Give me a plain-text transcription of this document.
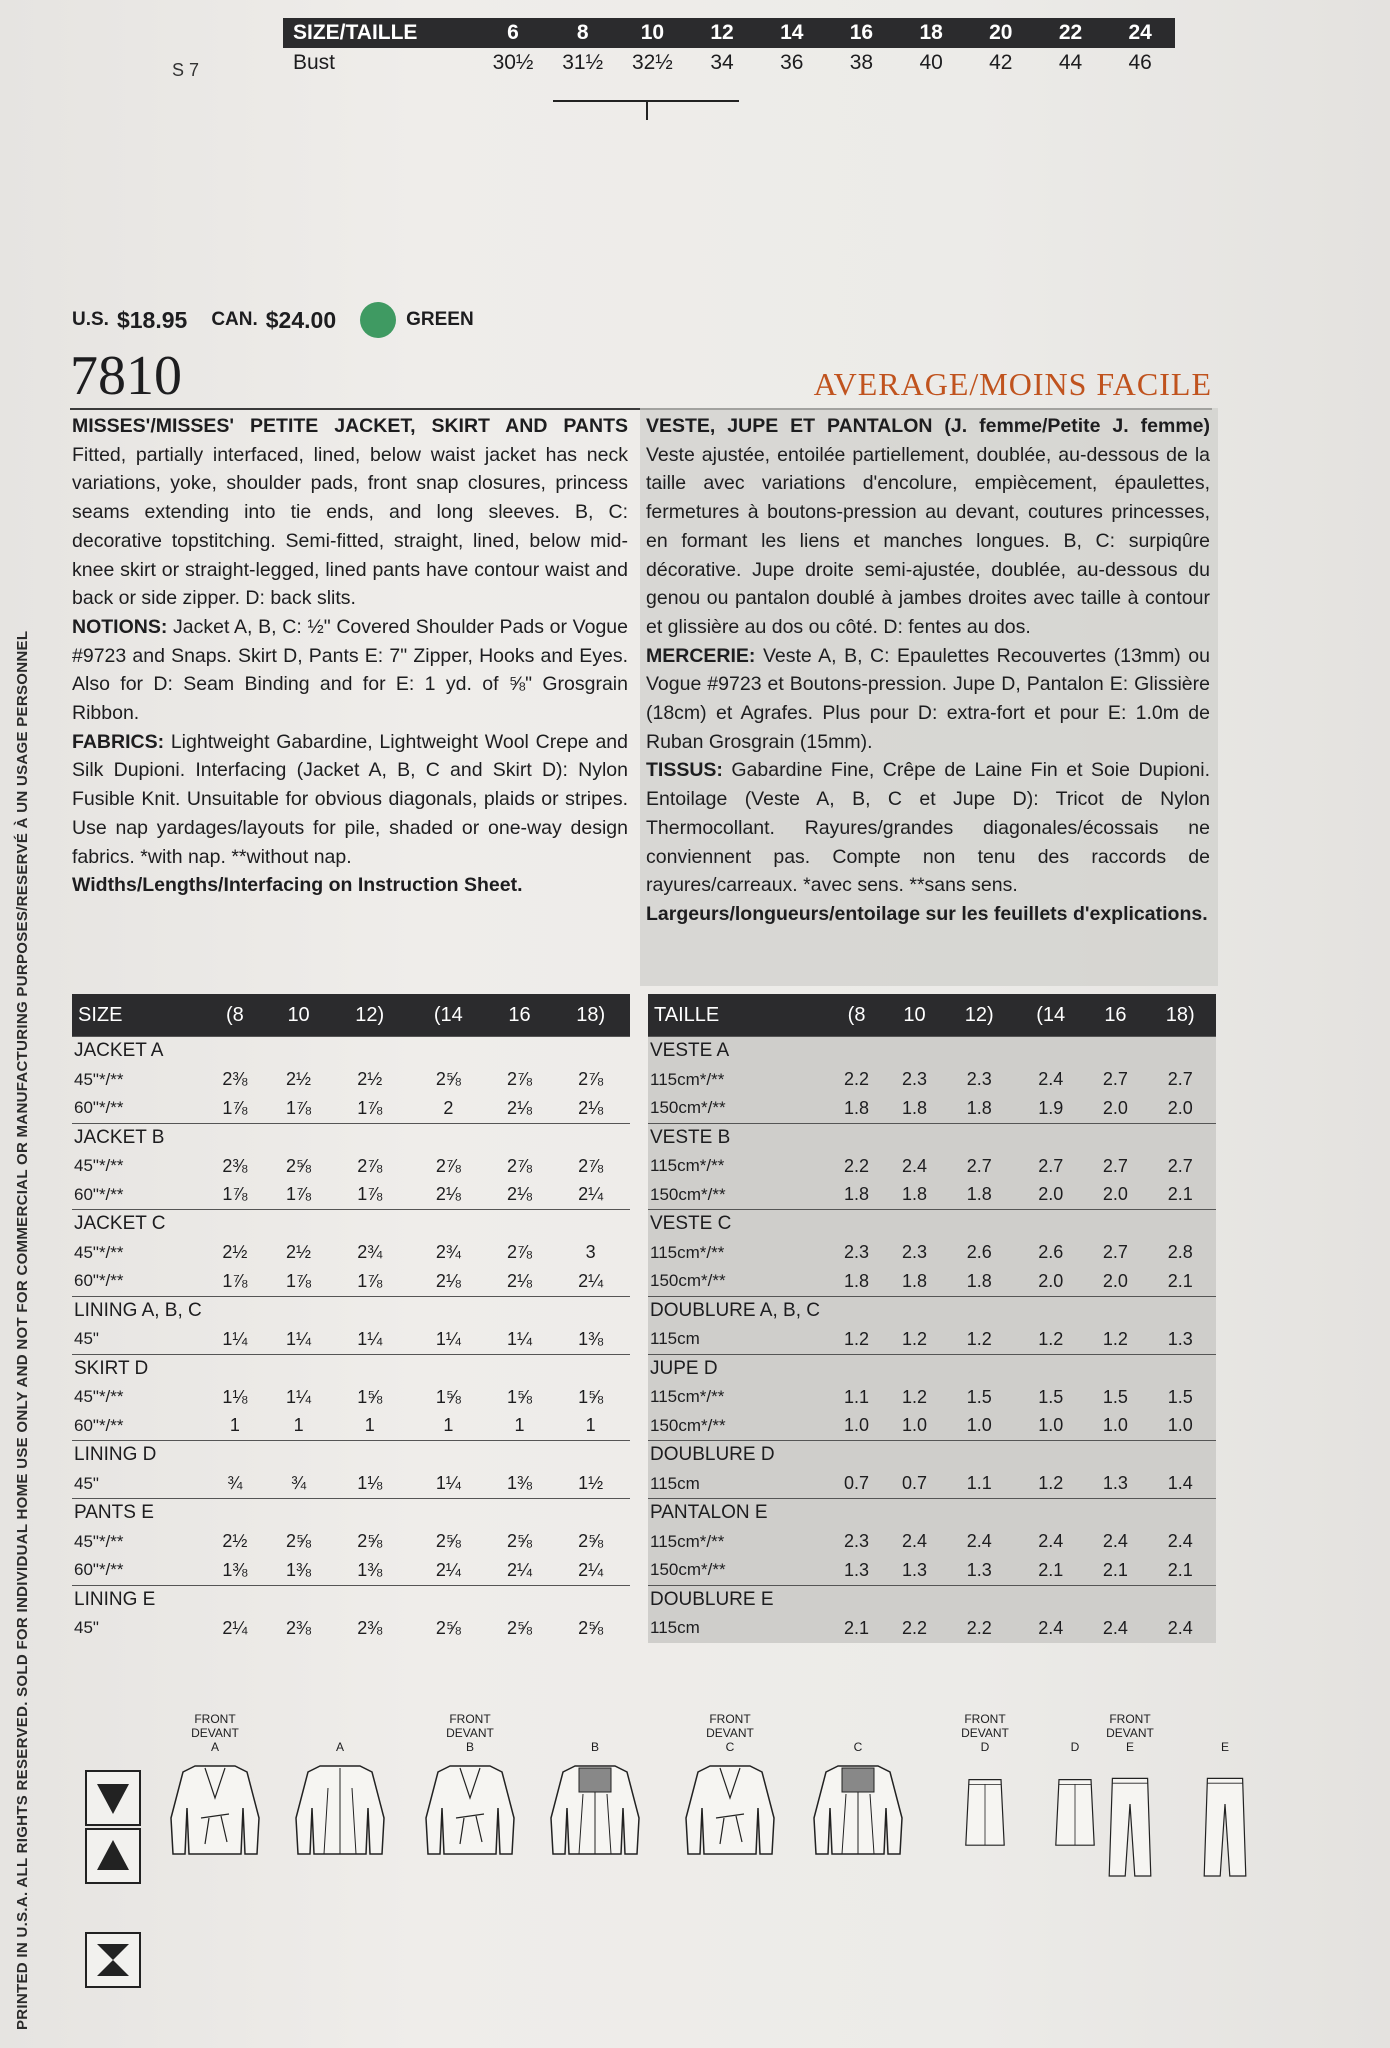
PRINTED IN U.S.A. ALL RIGHTS RESERVED. SOLD FOR INDIVIDUAL HOME USE ONLY AND NOT FOR COMMERCIAL OR MANUFACTURING PURPOSES/RESERVÉ À UN USAGE PERSONNEL
SIZE/TAILLE	6	8	10	12	14	16	18	20	22	24
Bust	30½	31½	32½	34	36	38	40	42	44	46
S 7
U.S. $18.95 CAN. $24.00	GREEN
7810	AVERAGE/MOINS FACILE

MISSES'/MISSES' PETITE JACKET, SKIRT AND PANTS Fitted, partially interfaced, lined, below waist jacket has neck variations, yoke, shoulder pads, front snap closures, princess seams extending into tie ends, and long sleeves. B, C: decorative topstitching. Semi-fitted, straight, lined, below mid-knee skirt or straight-legged, lined pants have contour waist and back or side zipper. D: back slits.

NOTIONS: Jacket A, B, C: ½" Covered Shoulder Pads or Vogue #9723 and Snaps. Skirt D, Pants E: 7" Zipper, Hooks and Eyes. Also for D: Seam Binding and for E: 1 yd. of ⅝" Grosgrain Ribbon.

FABRICS: Lightweight Gabardine, Lightweight Wool Crepe and Silk Dupioni. Interfacing (Jacket A, B, C and Skirt D): Nylon Fusible Knit. Unsuitable for obvious diagonals, plaids or stripes. Use nap yardages/layouts for pile, shaded or one-way design fabrics. *with nap. **without nap.

Widths/Lengths/Interfacing on Instruction Sheet.

VESTE, JUPE ET PANTALON (J. femme/Petite J. femme) Veste ajustée, entoilée partiellement, doublée, au-dessous de la taille avec variations d'encolure, empiècement, épaulettes, fermetures à boutons-pression au devant, coutures princesses, en formant les liens et manches longues. B, C: surpiqûre décorative. Jupe droite semi-ajustée, doublée, au-dessous du genou ou pantalon doublé à jambes droites avec taille à contour et glissière au dos ou côté. D: fentes au dos.

MERCERIE: Veste A, B, C: Epaulettes Recouvertes (13mm) ou Vogue #9723 et Boutons-pression. Jupe D, Pantalon E: Glissière (18cm) et Agrafes. Plus pour D: extra-fort et pour E: 1.0m de Ruban Grosgrain (15mm).

TISSUS: Gabardine Fine, Crêpe de Laine Fin et Soie Dupioni. Entoilage (Veste A, B, C et Jupe D): Tricot de Nylon Thermocollant. Rayures/grandes diagonales/écossais ne conviennent pas. Compte non tenu des raccords de rayures/carreaux. *avec sens. **sans sens.

Largeurs/longueurs/entoilage sur les feuillets d'explications.

SIZE	(8	10	12)	(14	16	18)
JACKET A						
45"*/**	2⅜	2½	2½	2⅝	2⅞	2⅞
60"*/**	1⅞	1⅞	1⅞	2	2⅛	2⅛
JACKET B						
45"*/**	2⅜	2⅝	2⅞	2⅞	2⅞	2⅞
60"*/**	1⅞	1⅞	1⅞	2⅛	2⅛	2¼
JACKET C						
45"*/**	2½	2½	2¾	2¾	2⅞	3
60"*/**	1⅞	1⅞	1⅞	2⅛	2⅛	2¼
LINING A, B, C						
45"	1¼	1¼	1¼	1¼	1¼	1⅜
SKIRT D						
45"*/**	1⅛	1¼	1⅝	1⅝	1⅝	1⅝
60"*/**	1	1	1	1	1	1
LINING D						
45"	¾	¾	1⅛	1¼	1⅜	1½
PANTS E						
45"*/**	2½	2⅝	2⅝	2⅝	2⅝	2⅝
60"*/**	1⅜	1⅜	1⅜	2¼	2¼	2¼
LINING E						
45"	2¼	2⅜	2⅜	2⅝	2⅝	2⅝
TAILLE	(8	10	12)	(14	16	18)
VESTE A						
115cm*/**	2.2	2.3	2.3	2.4	2.7	2.7
150cm*/**	1.8	1.8	1.8	1.9	2.0	2.0
VESTE B						
115cm*/**	2.2	2.4	2.7	2.7	2.7	2.7
150cm*/**	1.8	1.8	1.8	2.0	2.0	2.1
VESTE C						
115cm*/**	2.3	2.3	2.6	2.6	2.7	2.8
150cm*/**	1.8	1.8	1.8	2.0	2.0	2.1
DOUBLURE A, B, C						
115cm	1.2	1.2	1.2	1.2	1.2	1.3
JUPE D						
115cm*/**	1.1	1.2	1.5	1.5	1.5	1.5
150cm*/**	1.0	1.0	1.0	1.0	1.0	1.0
DOUBLURE D						
115cm	0.7	0.7	1.1	1.2	1.3	1.4
PANTALON E						
115cm*/**	2.3	2.4	2.4	2.4	2.4	2.4
150cm*/**	1.3	1.3	1.3	2.1	2.1	2.1
DOUBLURE E						
115cm	2.1	2.2	2.2	2.4	2.4	2.4
FRONT
DEVANT
A

	A
FRONT
DEVANT
B

	B
FRONT
DEVANT
C

	C
FRONT
DEVANT
D

	D
FRONT
DEVANT
E

	E
